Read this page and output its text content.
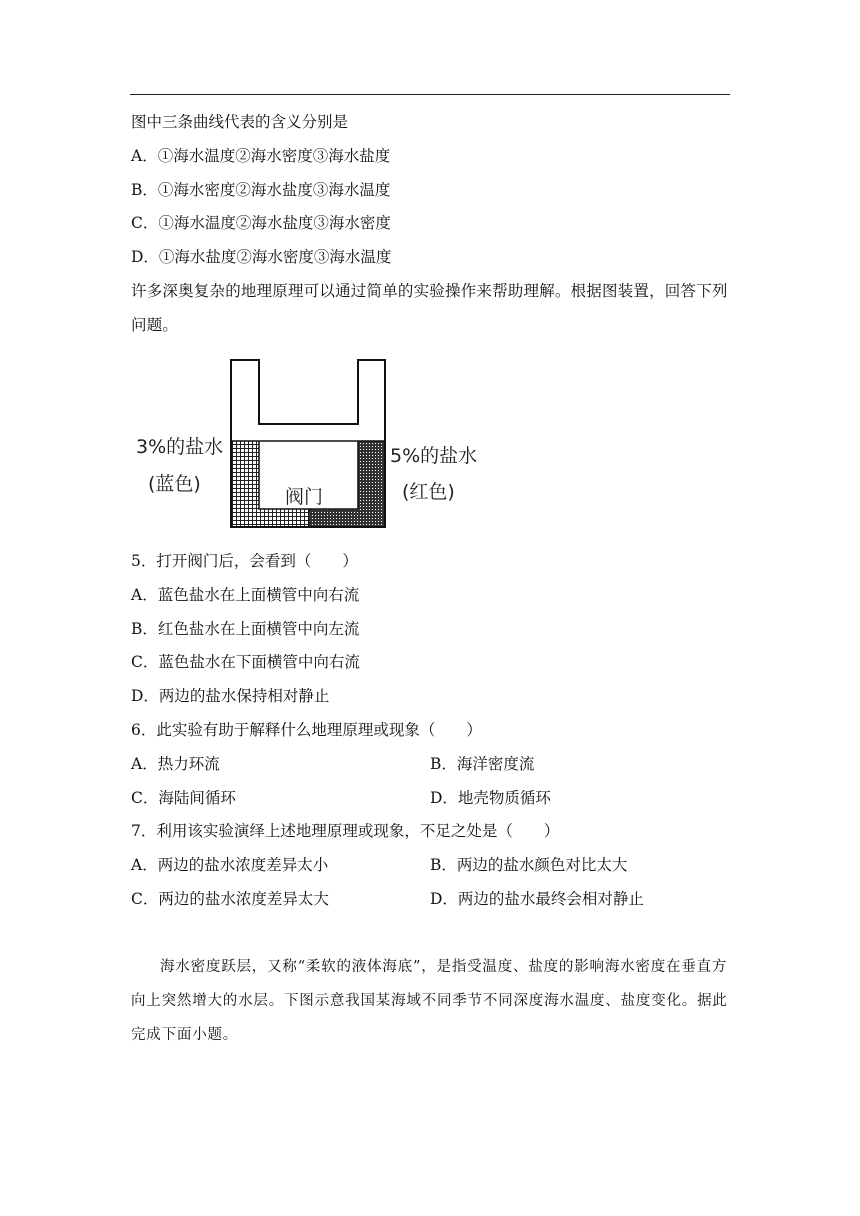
图中三条曲线代表的含义分别是
A．①海水温度②海水密度③海水盐度
B．①海水密度②海水盐度③海水温度
C．①海水温度②海水盐度③海水密度
D．①海水盐度②海水密度③海水温度

许多深奥复杂的地理原理可以通过简单的实验操作来帮助理解。根据图装置，回答下列问题。

3%的盐水
(蓝色)
5%的盐水
(红色)
阀门
5．打开阀门后，会看到（　　）
A．蓝色盐水在上面横管中向右流
B．红色盐水在上面横管中向左流
C．蓝色盐水在下面横管中向右流
D．两边的盐水保持相对静止
6．此实验有助于解释什么地理原理或现象（　　）
A．热力环流	B．海洋密度流
C．海陆间循环	D．地壳物质循环
7．利用该实验演绎上述地理原理或现象，不足之处是（　　）
A．两边的盐水浓度差异太小	B．两边的盐水颜色对比太大
C．两边的盐水浓度差异太大	D．两边的盐水最终会相对静止

海水密度跃层，又称“柔软的液体海底”，是指受温度、盐度的影响海水密度在垂直方向上突然增大的水层。下图示意我国某海域不同季节不同深度海水温度、盐度变化。据此完成下面小题。
